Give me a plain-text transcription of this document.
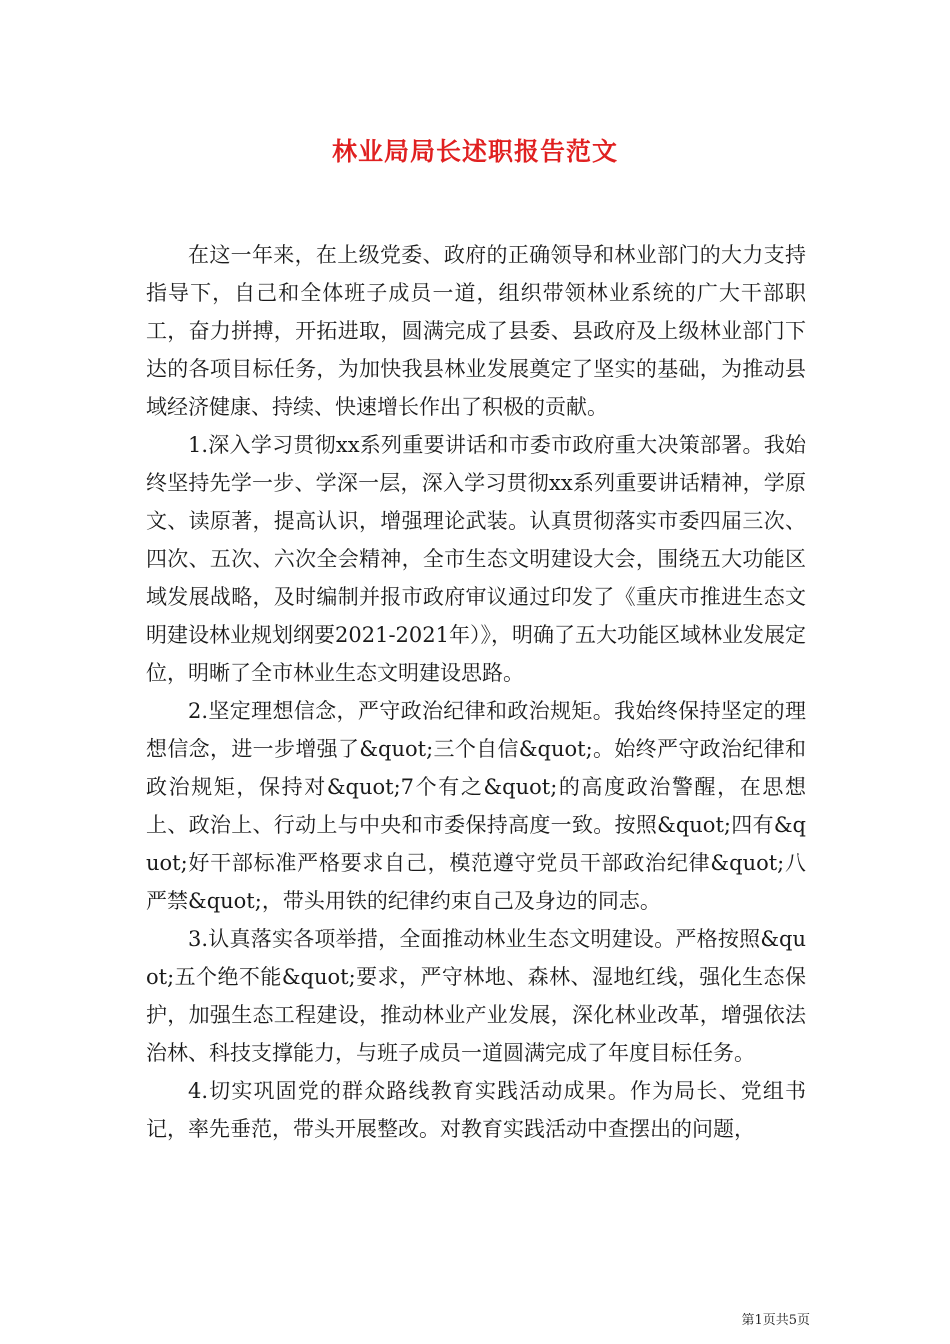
林业局局长述职报告范文

在这一年来，在上级党委、政府的正确领导和林业部门的大力支持指导下，自己和全体班子成员一道，组织带领林业系统的广大干部职工，奋力拼搏，开拓进取，圆满完成了县委、县政府及上级林业部门下达的各项目标任务，为加快我县林业发展奠定了坚实的基础，为推动县域经济健康、持续、快速增长作出了积极的贡献。

1.深入学习贯彻xx系列重要讲话和市委市政府重大决策部署。我始终坚持先学一步、学深一层，深入学习贯彻xx系列重要讲话精神，学原文、读原著，提高认识，增强理论武装。认真贯彻落实市委四届三次、四次、五次、六次全会精神，全市生态文明建设大会，围绕五大功能区域发展战略，及时编制并报市政府审议通过印发了《重庆市推进生态文明建设林业规划纲要2021-2021年）》，明确了五大功能区域林业发展定位，明晰了全市林业生态文明建设思路。

2.坚定理想信念，严守政治纪律和政治规矩。我始终保持坚定的理想信念，进一步增强了&quot;三个自信&quot;。始终严守政治纪律和政治规矩，保持对&quot;7个有之&quot;的高度政治警醒，在思想上、政治上、行动上与中央和市委保持高度一致。按照&quot;四有&quot;好干部标准严格要求自己，模范遵守党员干部政治纪律&quot;八严禁&quot;，带头用铁的纪律约束自己及身边的同志。

3.认真落实各项举措，全面推动林业生态文明建设。严格按照&quot;五个绝不能&quot;要求，严守林地、森林、湿地红线，强化生态保护，加强生态工程建设，推动林业产业发展，深化林业改革，增强依法治林、科技支撑能力，与班子成员一道圆满完成了年度目标任务。

4.切实巩固党的群众路线教育实践活动成果。作为局长、党组书记，率先垂范，带头开展整改。对教育实践活动中查摆出的问题，

第1页共5页
